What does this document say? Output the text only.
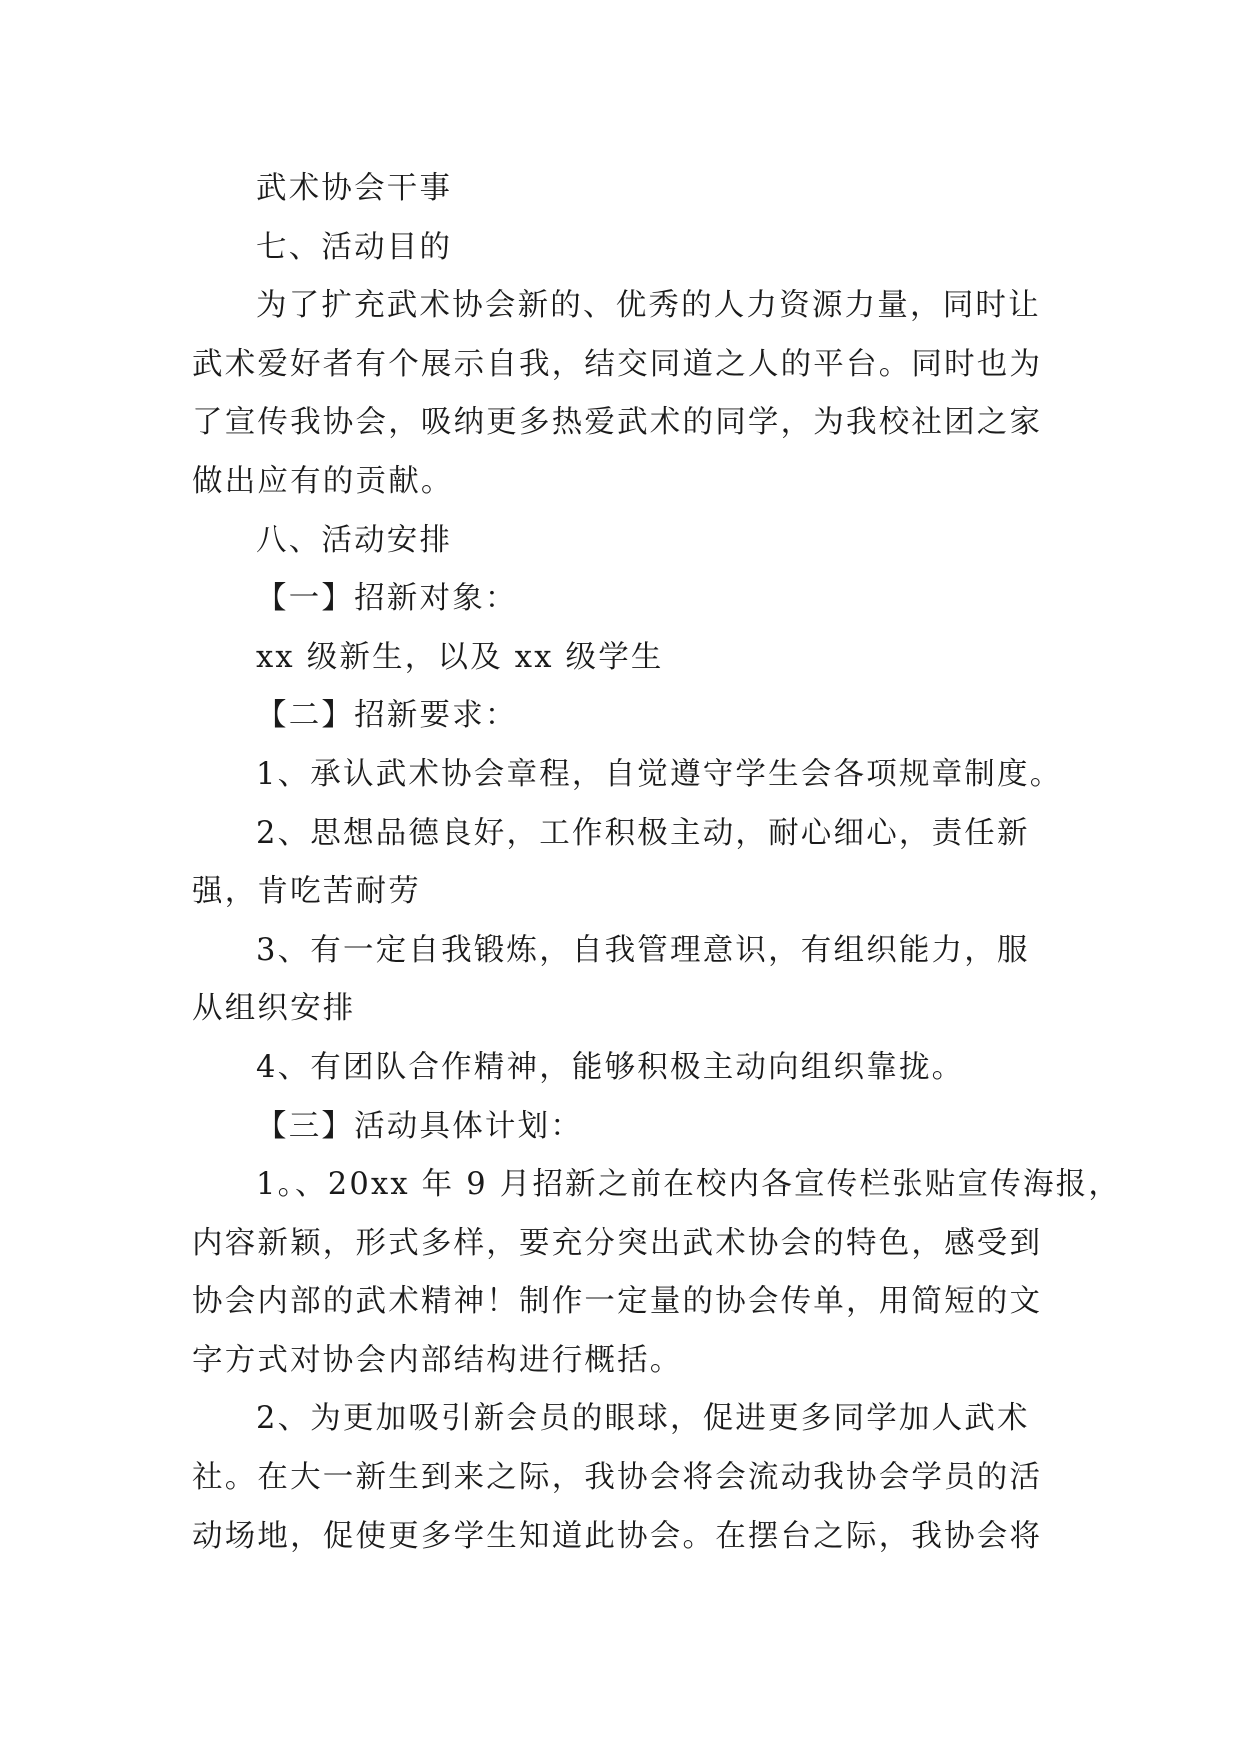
武术协会干事

七、活动目的

为了扩充武术协会新的、优秀的人力资源力量，同时让

武术爱好者有个展示自我，结交同道之人的平台。同时也为

了宣传我协会，吸纳更多热爱武术的同学，为我校社团之家

做出应有的贡献。

八、活动安排

【一】招新对象：

xx 级新生，以及 xx 级学生

【二】招新要求：

1、承认武术协会章程，自觉遵守学生会各项规章制度。

2、思想品德良好，工作积极主动，耐心细心，责任新

强，肯吃苦耐劳

3、有一定自我锻炼，自我管理意识，有组织能力，服

从组织安排

4、有团队合作精神，能够积极主动向组织靠拢。

【三】活动具体计划：

1。、20xx 年 9 月招新之前在校内各宣传栏张贴宣传海报，

内容新颖，形式多样，要充分突出武术协会的特色，感受到

协会内部的武术精神！制作一定量的协会传单，用简短的文

字方式对协会内部结构进行概括。

2、为更加吸引新会员的眼球，促进更多同学加人武术

社。在大一新生到来之际，我协会将会流动我协会学员的活

动场地，促使更多学生知道此协会。在摆台之际，我协会将
